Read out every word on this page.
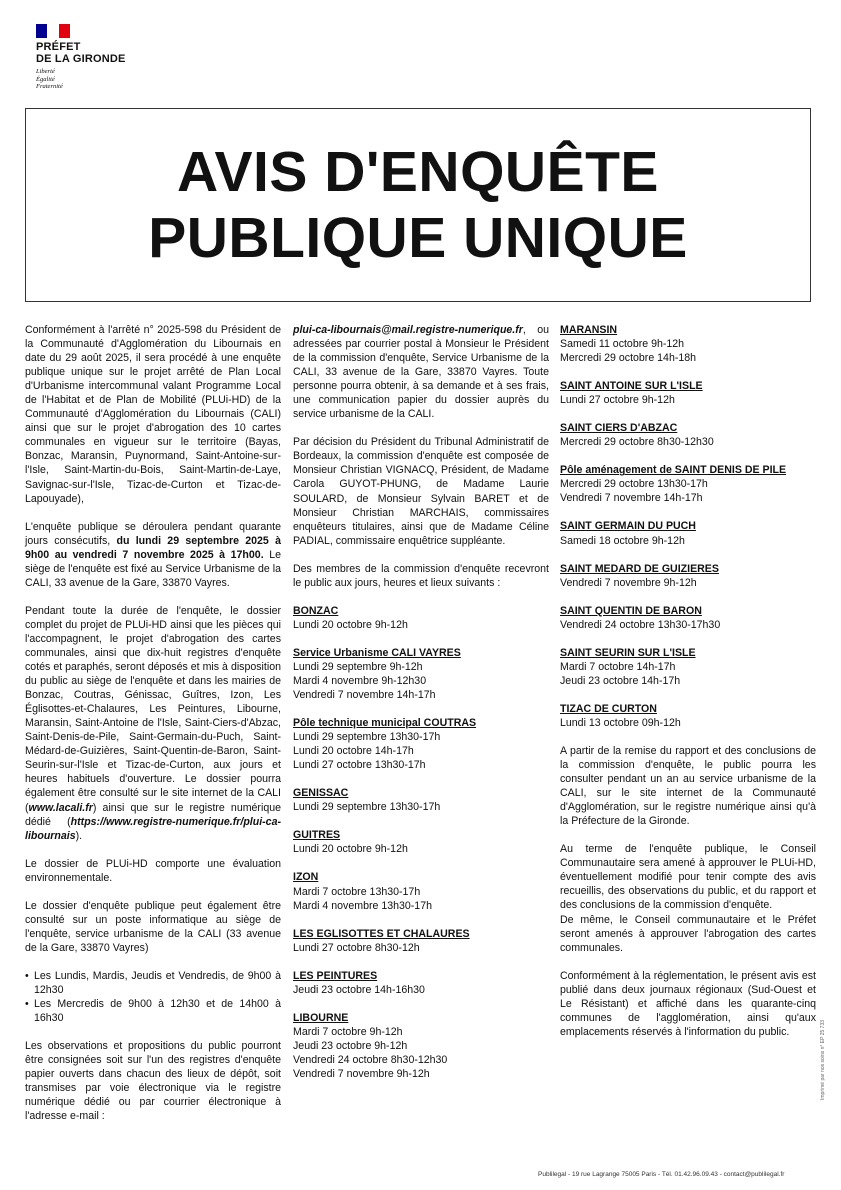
PRÉFET
DE LA GIRONDE
Liberté
Égalité
Fraternité
AVIS D'ENQUÊTE
PUBLIQUE UNIQUE

Conformément à l'arrêté n° 2025-598 du Président de la Communauté d'Agglomération du Libournais en date du 29 août 2025, il sera procédé à une enquête publique unique sur le projet arrêté de Plan Local d'Urbanisme intercommunal valant Programme Local de l'Habitat et de Plan de Mobilité (PLUi-HD) de la Communauté d'Agglomération du Libournais (CALI) ainsi que sur le projet d'abrogation des 10 cartes communales en vigueur sur le territoire (Bayas, Bonzac, Maransin, Puynormand, Saint-Antoine-sur-l'Isle, Saint-Martin-du-Bois, Saint-Martin-de-Laye, Savignac-sur-l'Isle, Tizac-de-Curton et Tizac-de-Lapouyade),

L'enquête publique se déroulera pendant quarante jours consécutifs, du lundi 29 septembre 2025 à 9h00 au vendredi 7 novembre 2025 à 17h00. Le siège de l'enquête est fixé au Service Urbanisme de la CALI, 33 avenue de la Gare, 33870 Vayres.

Pendant toute la durée de l'enquête, le dossier complet du projet de PLUi-HD ainsi que les pièces qui l'accompagnent, le projet d'abrogation des cartes communales, ainsi que dix-huit registres d'enquête cotés et paraphés, seront déposés et mis à disposition du public au siège de l'enquête et dans les mairies de Bonzac, Coutras, Génissac, Guîtres, Izon, Les Églisottes-et-Chalaures, Les Peintures, Libourne, Maransin, Saint-Antoine de l'Isle, Saint-Ciers-d'Abzac, Saint-Denis-de-Pile, Saint-Germain-du-Puch, Saint-Médard-de-Guizières, Saint-Quentin-de-Baron, Saint-Seurin-sur-l'Isle et Tizac-de-Curton, aux jours et heures habituels d'ouverture. Le dossier pourra également être consulté sur le site internet de la CALI (www.lacali.fr) ainsi que sur le registre numérique dédié (https://www.registre-numerique.fr/plui-ca-libournais).

Le dossier de PLUi-HD comporte une évaluation environnementale.

Le dossier d'enquête publique peut également être consulté sur un poste informatique au siège de l'enquête, service urbanisme de la CALI (33 avenue de la Gare, 33870 Vayres)

• Les Lundis, Mardis, Jeudis et Vendredis, de 9h00 à 12h30
• Les Mercredis de 9h00 à 12h30 et de 14h00 à 16h30

Les observations et propositions du public pourront être consignées soit sur l'un des registres d'enquête papier ouverts dans chacun des lieux de dépôt, soit transmises par voie électronique via le registre numérique dédié ou par courrier électronique à l'adresse e-mail :

plui-ca-libournais@mail.registre-numerique.fr, ou adressées par courrier postal à Monsieur le Président de la commission d'enquête, Service Urbanisme de la CALI, 33 avenue de la Gare, 33870 Vayres. Toute personne pourra obtenir, à sa demande et à ses frais, une communication papier du dossier auprès du service urbanisme de la CALI.

Par décision du Président du Tribunal Administratif de Bordeaux, la commission d'enquête est composée de Monsieur Christian VIGNACQ, Président, de Madame Carola GUYOT-PHUNG, de Madame Laurie SOULARD, de Monsieur Sylvain BARET et de Monsieur Christian MARCHAIS, commissaires enquêteurs titulaires, ainsi que de Madame Céline PADIAL, commissaire enquêtrice suppléante.

Des membres de la commission d'enquête recevront le public aux jours, heures et lieux suivants :

BONZAC
Lundi 20 octobre 9h-12h
Service Urbanisme CALI VAYRES
Lundi 29 septembre 9h-12h
Mardi 4 novembre 9h-12h30
Vendredi 7 novembre 14h-17h
Pôle technique municipal COUTRAS
Lundi 29 septembre 13h30-17h
Lundi 20 octobre 14h-17h
Lundi 27 octobre 13h30-17h
GENISSAC
Lundi 29 septembre 13h30-17h
GUITRES
Lundi 20 octobre 9h-12h
IZON
Mardi 7 octobre 13h30-17h
Mardi 4 novembre 13h30-17h
LES EGLISOTTES ET CHALAURES
Lundi 27 octobre 8h30-12h
LES PEINTURES
Jeudi 23 octobre 14h-16h30
LIBOURNE
Mardi 7 octobre 9h-12h
Jeudi 23 octobre 9h-12h
Vendredi 24 octobre 8h30-12h30
Vendredi 7 novembre 9h-12h
MARANSIN
Samedi 11 octobre 9h-12h
Mercredi 29 octobre 14h-18h
SAINT ANTOINE SUR L'ISLE
Lundi 27 octobre 9h-12h
SAINT CIERS D'ABZAC
Mercredi 29 octobre 8h30-12h30
Pôle aménagement de SAINT DENIS DE PILE
Mercredi 29 octobre 13h30-17h
Vendredi 7 novembre 14h-17h
SAINT GERMAIN DU PUCH
Samedi 18 octobre 9h-12h
SAINT MEDARD DE GUIZIERES
Vendredi 7 novembre 9h-12h
SAINT QUENTIN DE BARON
Vendredi 24 octobre 13h30-17h30
SAINT SEURIN SUR L'ISLE
Mardi 7 octobre 14h-17h
Jeudi 23 octobre 14h-17h
TIZAC DE CURTON
Lundi 13 octobre 09h-12h

A partir de la remise du rapport et des conclusions de la commission d'enquête, le public pourra les consulter pendant un an au service urbanisme de la CALI, sur le site internet de la Communauté d'Agglomération, sur le registre numérique ainsi qu'à la Préfecture de la Gironde.

Au terme de l'enquête publique, le Conseil Communautaire sera amené à approuver le PLUi-HD, éventuellement modifié pour tenir compte des avis recueillis, des observations du public, et du rapport et des conclusions de la commission d'enquête.

De même, le Conseil communautaire et le Préfet seront amenés à approuver l'abrogation des cartes communales.

Conformément à la réglementation, le présent avis est publié dans deux journaux régionaux (Sud-Ouest et Le Résistant) et affiché dans les quarante-cinq communes de l'agglomération, ainsi qu'aux emplacements réservés à l'information du public.

Publilegal - 19 rue Lagrange 75005 Paris - Tél. 01.42.96.09.43 - contact@publilegal.fr
Imprimé par nos soins n° EP 25 733
